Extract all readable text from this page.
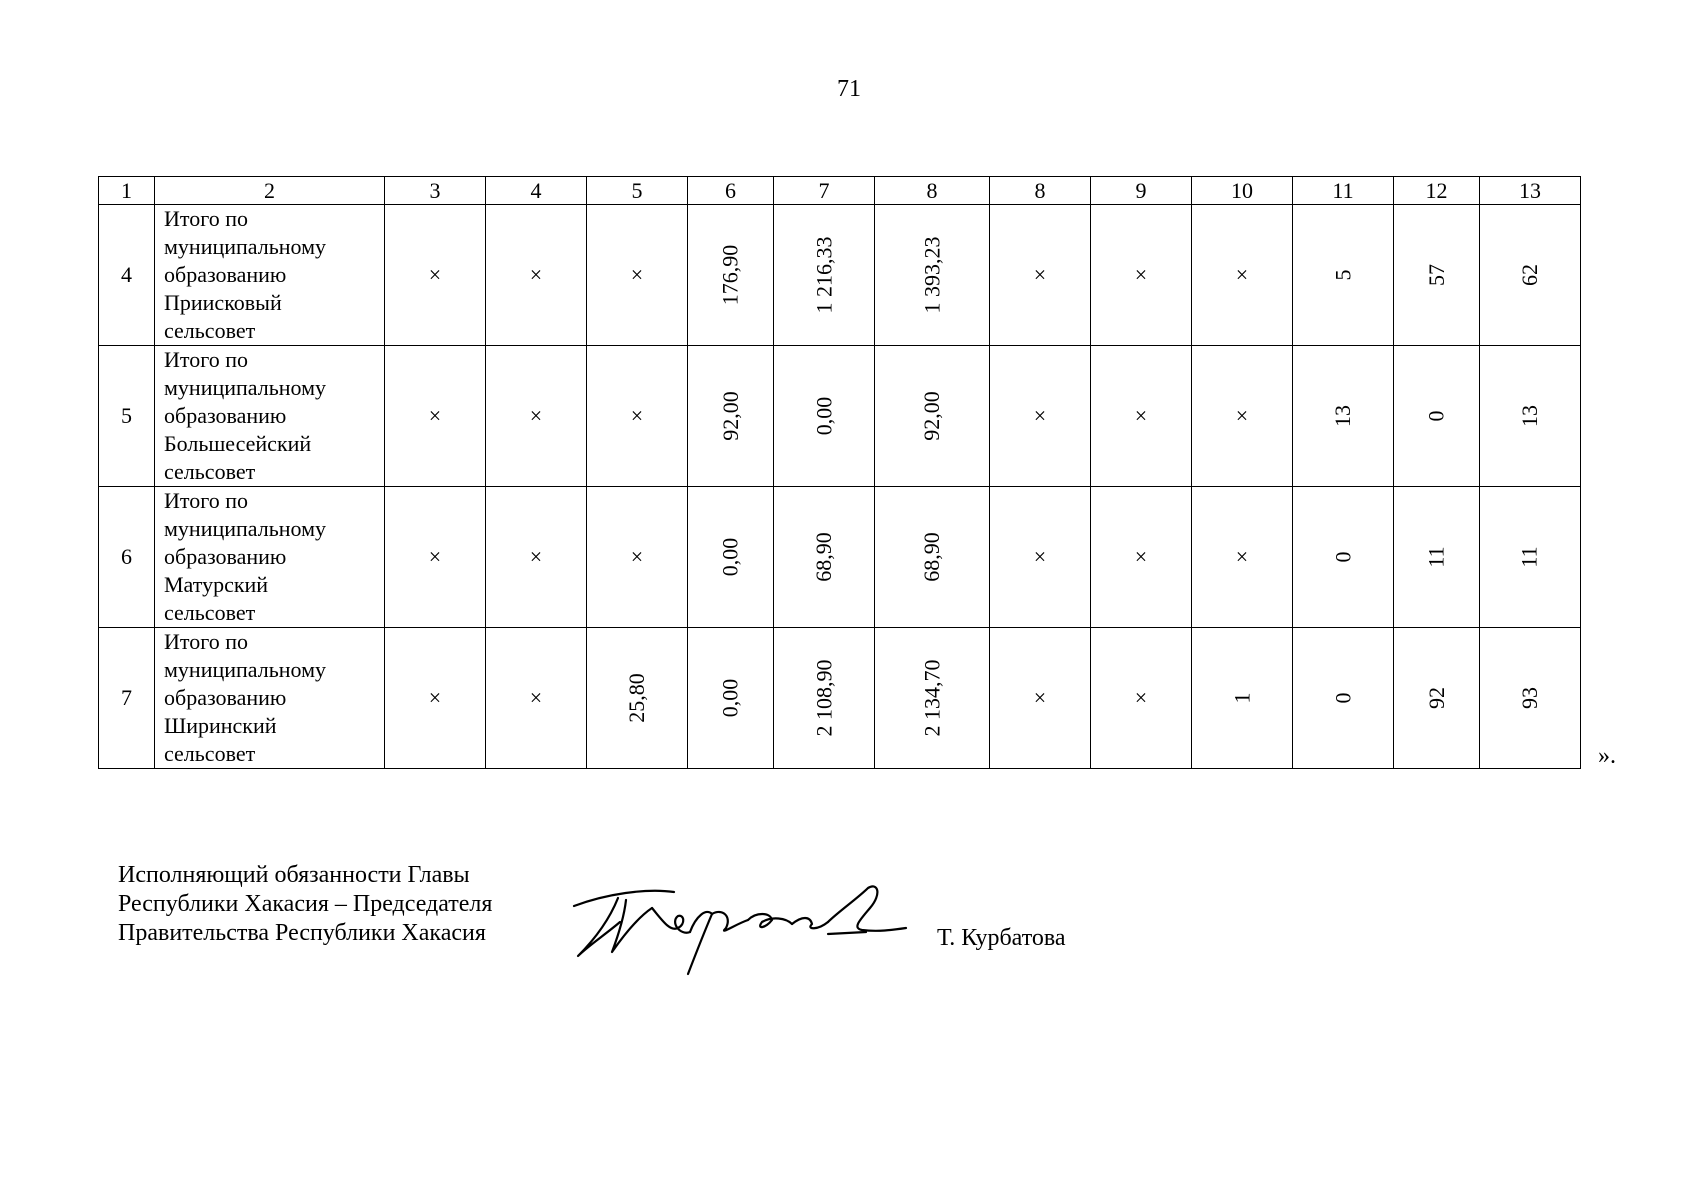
71
1	2	3	4	5	6	7	8	8	9	10	11	12	13
4	Итого по
муниципальному
образованию
Приисковый
сельсовет	×	×	×	176,90	1 216,33	1 393,23	×	×	×	5	57	62
5	Итого по
муниципальному
образованию
Большесейский
сельсовет	×	×	×	92,00	0,00	92,00	×	×	×	13	0	13
6	Итого по
муниципальному
образованию
Матурский
сельсовет	×	×	×	0,00	68,90	68,90	×	×	×	0	11	11
7	Итого по
муниципальному
образованию
Ширинский
сельсовет	×	×	25,80	0,00	2 108,90	2 134,70	×	×	1	0	92	93
».
Исполняющий обязанности Главы
Республики Хакасия – Председателя
Правительства Республики Хакасия	Т. Курбатова
